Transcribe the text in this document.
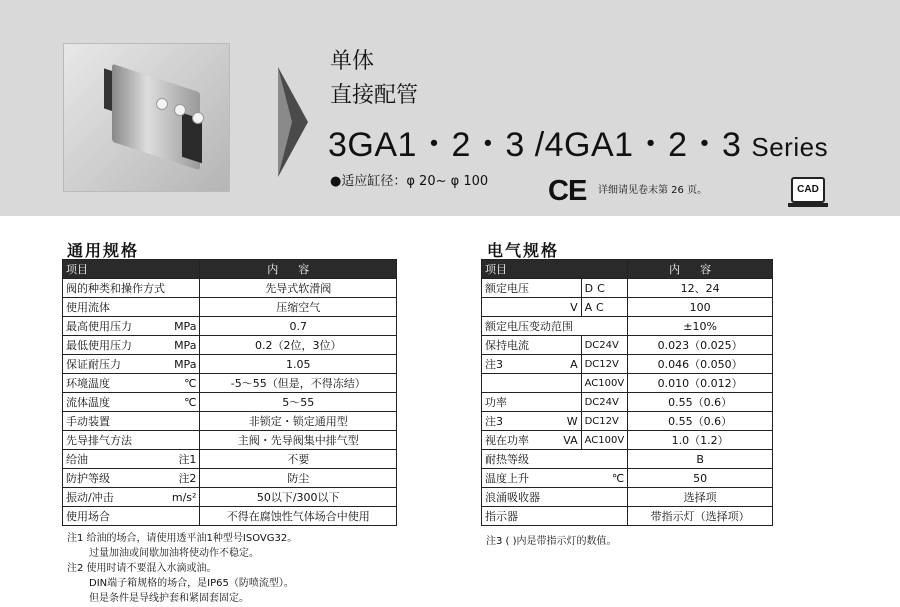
单体
直接配管
3GA1・2・3 /4GA1・2・3 Series
●适应缸径：φ 20~ φ 100 CE 详细请见卷末第 26 页。	CAD
通用规格
项目		内容
阀的种类和操作方式		先导式软滑阀
使用流体		压缩空气
最高使用压力	MPa	0.7
最低使用压力	MPa	0.2（2位，3位）
保证耐压力	MPa	1.05
环境温度	℃	-5～55（但是，不得冻结）
流体温度	℃	5～55
手动装置		非锁定・锁定通用型
先导排气方法		主阀・先导阀集中排气型
给油	注1	不要
防护等级	注2	防尘
振动/冲击	m/s²	50以下/300以下
使用场合		不得在腐蚀性气体场合中使用
注1 给油的场合，请使用透平油1种型号ISOVG32。
过量加油或间歇加油将使动作不稳定。
注2 使用时请不要混入水滴或油。
DIN端子箱规格的场合，是IP65（防喷流型）。
但是条件是导线护套和紧固套固定。
电气规格
项目			内容
额定电压		DC	12、24
	V	AC	100
额定电压变动范围			±10%
保持电流		DC24V	0.023（0.025）
注3	A	DC12V	0.046（0.050）
		AC100V	0.010（0.012）
功率		DC24V	0.55（0.6）
注3	W	DC12V	0.55（0.6）
视在功率	VA	AC100V	1.0（1.2）
耐热等级			B
温度上升		℃	50
浪涌吸收器			选择项
指示器			带指示灯（选择项）
注3 ( )内是带指示灯的数值。
